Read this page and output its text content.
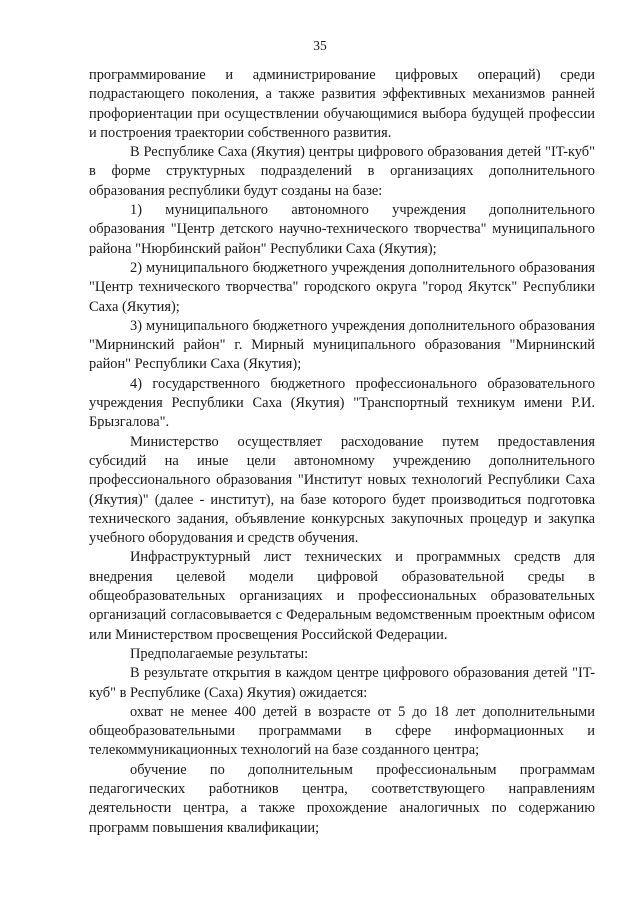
35

программирование и администрирование цифровых операций) среди подрастающего поколения, а также развития эффективных механизмов ранней профориентации при осуществлении обучающимися выбора будущей профессии и построения траектории собственного развития.

В Республике Саха (Якутия) центры цифрового образования детей "IT-куб" в форме структурных подразделений в организациях дополнительного образования республики будут созданы на базе:

1) муниципального автономного учреждения дополнительного образования "Центр детского научно-технического творчества" муниципального района "Нюрбинский район" Республики Саха (Якутия);

2) муниципального бюджетного учреждения дополнительного образования "Центр технического творчества" городского округа "город Якутск" Республики Саха (Якутия);

3) муниципального бюджетного учреждения дополнительного образования "Мирнинский район" г. Мирный муниципального образования "Мирнинский район" Республики Саха (Якутия);

4) государственного бюджетного профессионального образовательного учреждения Республики Саха (Якутия) "Транспортный техникум имени Р.И. Брызгалова".

Министерство осуществляет расходование путем предоставления субсидий на иные цели автономному учреждению дополнительного профессионального образования "Институт новых технологий Республики Саха (Якутия)" (далее - институт), на базе которого будет производиться подготовка технического задания, объявление конкурсных закупочных процедур и закупка учебного оборудования и средств обучения.

Инфраструктурный лист технических и программных средств для внедрения целевой модели цифровой образовательной среды в общеобразовательных организациях и профессиональных образовательных организаций согласовывается с Федеральным ведомственным проектным офисом или Министерством просвещения Российской Федерации.

Предполагаемые результаты:

В результате открытия в каждом центре цифрового образования детей "IT-куб" в Республике (Саха) Якутия) ожидается:

охват не менее 400 детей в возрасте от 5 до 18 лет дополнительными общеобразовательными программами в сфере информационных и телекоммуникационных технологий на базе созданного центра;

обучение по дополнительным профессиональным программам педагогических работников центра, соответствующего направлениям деятельности центра, а также прохождение аналогичных по содержанию программ повышения квалификации;
